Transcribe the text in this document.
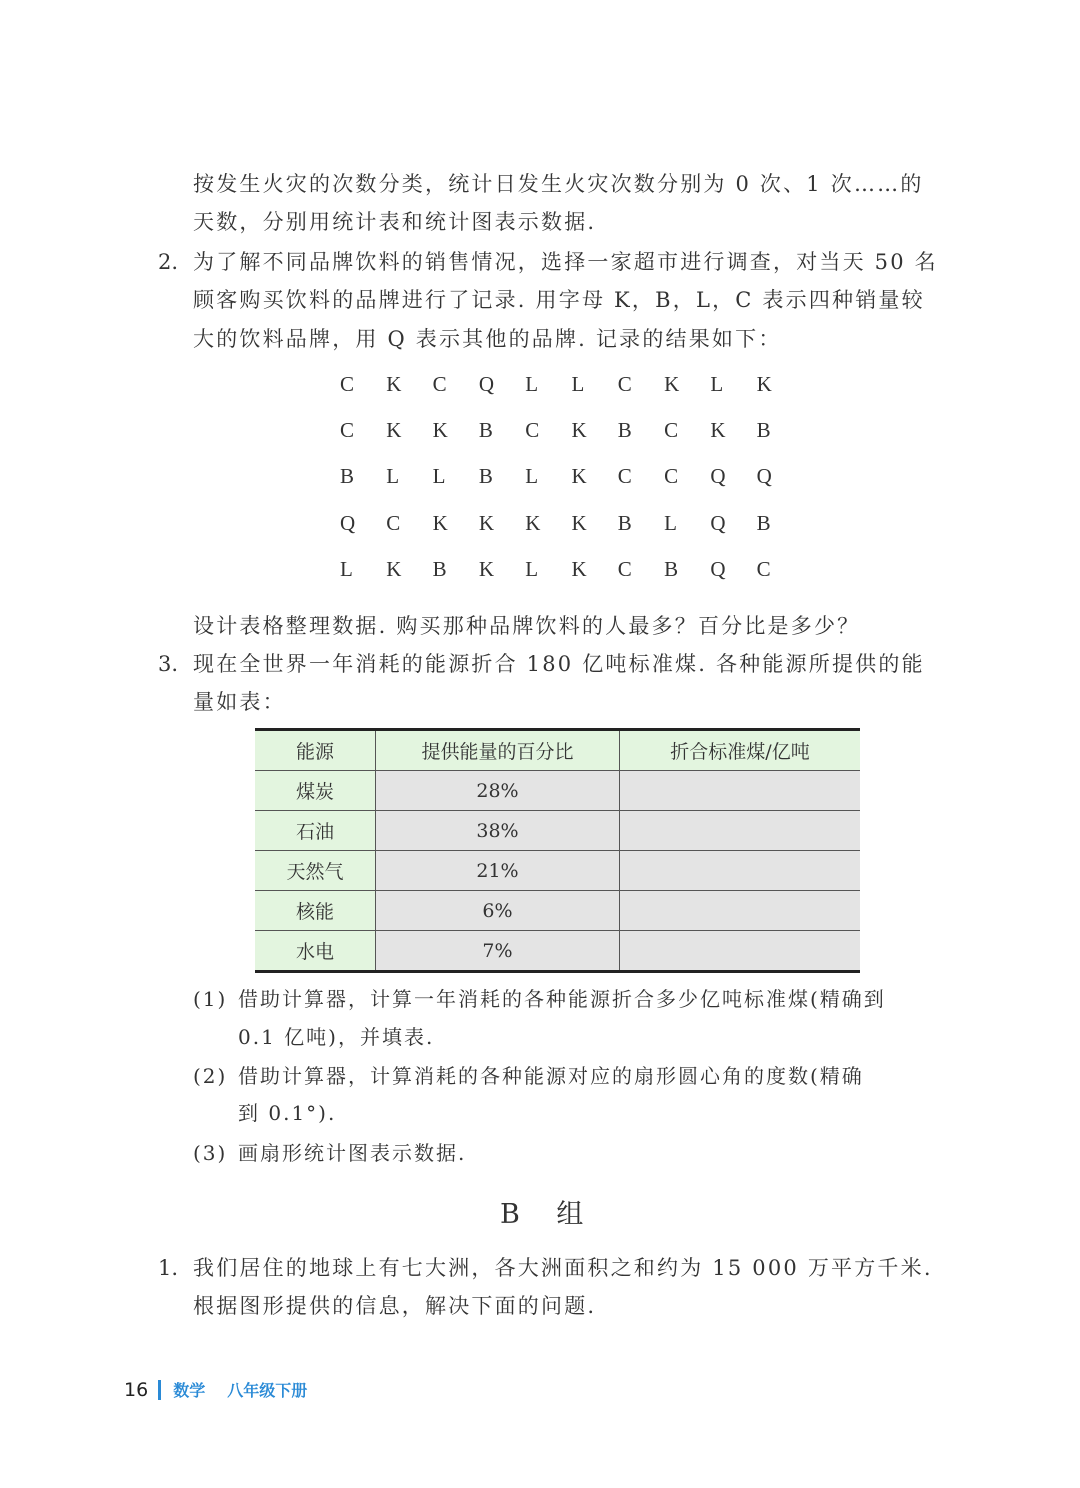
按发生火灾的次数分类，统计日发生火灾次数分别为 0 次、1 次……的
天数，分别用统计表和统计图表示数据.
2. 为了解不同品牌饮料的销售情况，选择一家超市进行调查，对当天 50 名
顾客购买饮料的品牌进行了记录. 用字母 K，B，L，C 表示四种销量较
大的饮料品牌，用 Q 表示其他的品牌. 记录的结果如下：
C	K	C	Q	L	L	C	K	L	K
C	K	K	B	C	K	B	C	K	B
B	L	L	B	L	K	C	C	Q	Q
Q	C	K	K	K	K	B	L	Q	B
L	K	B	K	L	K	C	B	Q	C
设计表格整理数据. 购买那种品牌饮料的人最多？百分比是多少？
3. 现在全世界一年消耗的能源折合 180 亿吨标准煤. 各种能源所提供的能
量如表：
能源	提供能量的百分比	折合标准煤/亿吨
煤炭	28%	
石油	38%	
天然气	21%	
核能	6%	
水电	7%	
(1) 借助计算器，计算一年消耗的各种能源折合多少亿吨标准煤(精确到
0.1 亿吨)，并填表.
(2) 借助计算器，计算消耗的各种能源对应的扇形圆心角的度数(精确
到 0.1°).
(3) 画扇形统计图表示数据.
B 组
1. 我们居住的地球上有七大洲，各大洲面积之和约为 15 000 万平方千米.
根据图形提供的信息，解决下面的问题.
16 数学 八年级下册
